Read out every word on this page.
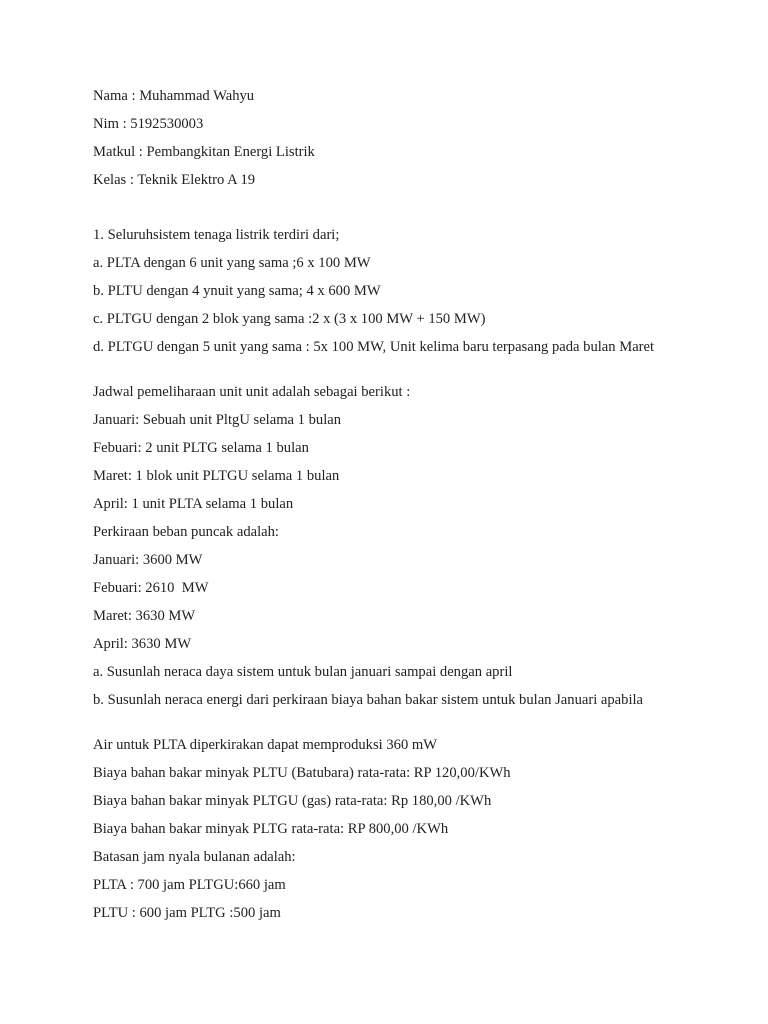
Nama : Muhammad Wahyu
Nim : 5192530003
Matkul : Pembangkitan Energi Listrik
Kelas : Teknik Elektro A 19
1. Seluruhsistem tenaga listrik terdiri dari;
a. PLTA dengan 6 unit yang sama ;6 x 100 MW
b. PLTU dengan 4 ynuit yang sama; 4 x 600 MW
c. PLTGU dengan 2 blok yang sama :2 x (3 x 100 MW + 150 MW)
d. PLTGU dengan 5 unit yang sama : 5x 100 MW, Unit kelima baru terpasang pada bulan Maret
Jadwal pemeliharaan unit unit adalah sebagai berikut :
Januari: Sebuah unit PltgU selama 1 bulan
Febuari: 2 unit PLTG selama 1 bulan
Maret: 1 blok unit PLTGU selama 1 bulan
April: 1 unit PLTA selama 1 bulan
Perkiraan beban puncak adalah:
Januari: 3600 MW
Febuari: 2610  MW
Maret: 3630 MW
April: 3630 MW
a. Susunlah neraca daya sistem untuk bulan januari sampai dengan april
b. Susunlah neraca energi dari perkiraan biaya bahan bakar sistem untuk bulan Januari apabila
Air untuk PLTA diperkirakan dapat memproduksi 360 mW
Biaya bahan bakar minyak PLTU (Batubara) rata-rata: RP 120,00/KWh
Biaya bahan bakar minyak PLTGU (gas) rata-rata: Rp 180,00 /KWh
Biaya bahan bakar minyak PLTG rata-rata: RP 800,00 /KWh
Batasan jam nyala bulanan adalah:
PLTA : 700 jam PLTGU:660 jam
PLTU : 600 jam PLTG :500 jam
